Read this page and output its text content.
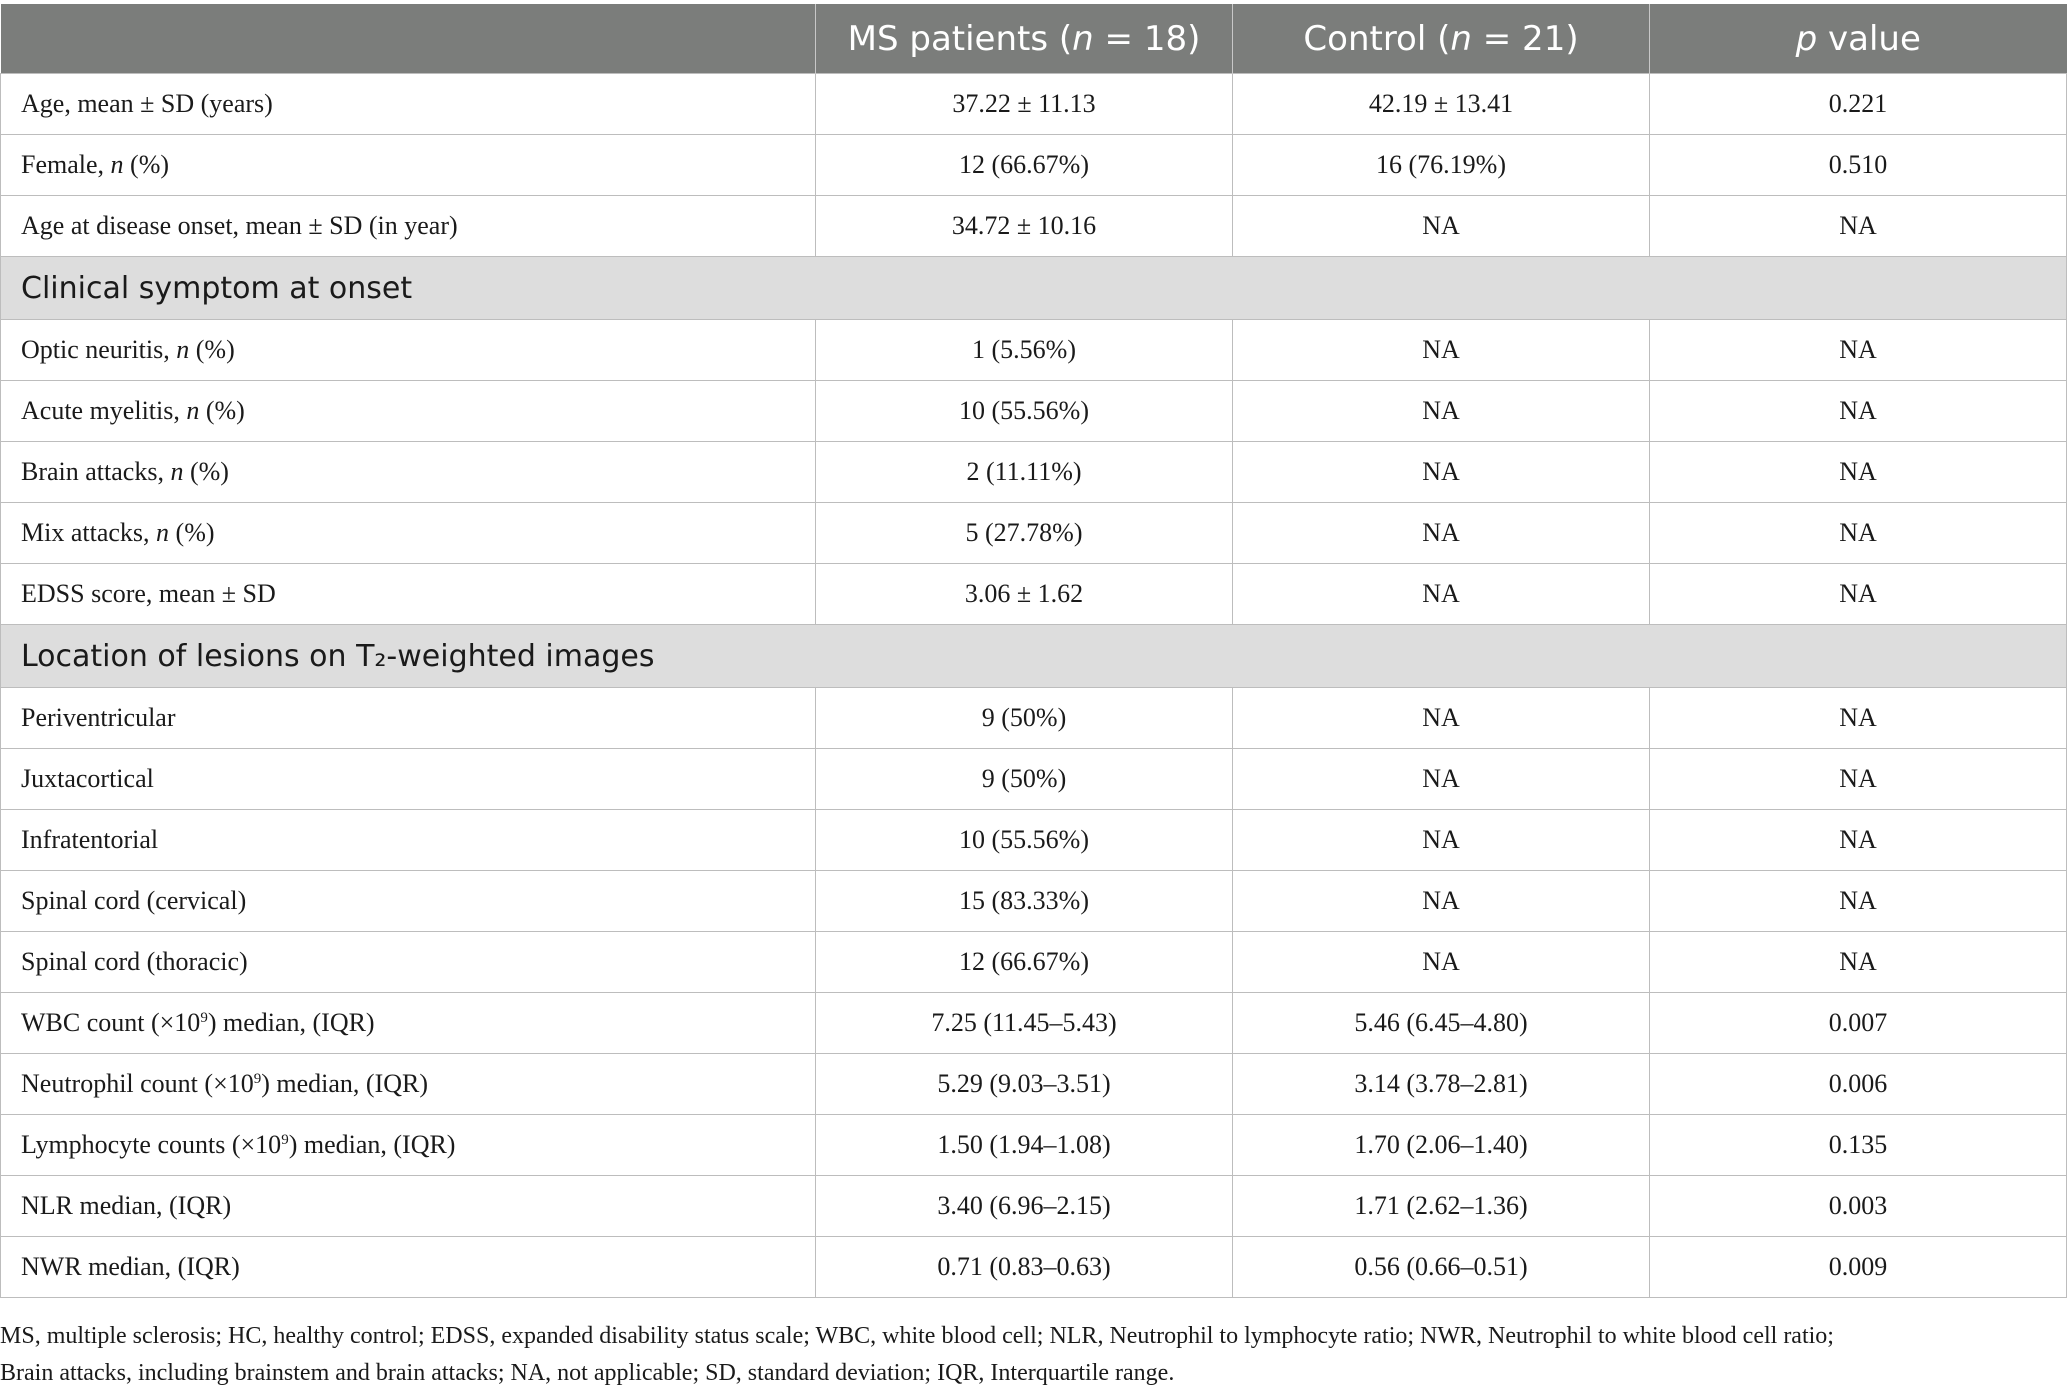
	MS patients (n = 18)	Control (n = 21)	p value
Age, mean ± SD (years)	37.22 ± 11.13	42.19 ± 13.41	0.221
Female, n (%)	12 (66.67%)	16 (76.19%)	0.510
Age at disease onset, mean ± SD (in year)	34.72 ± 10.16	NA	NA
Clinical symptom at onset			
Optic neuritis, n (%)	1 (5.56%)	NA	NA
Acute myelitis, n (%)	10 (55.56%)	NA	NA
Brain attacks, n (%)	2 (11.11%)	NA	NA
Mix attacks, n (%)	5 (27.78%)	NA	NA
EDSS score, mean ± SD	3.06 ± 1.62	NA	NA
Location of lesions on T₂-weighted images			
Periventricular	9 (50%)	NA	NA
Juxtacortical	9 (50%)	NA	NA
Infratentorial	10 (55.56%)	NA	NA
Spinal cord (cervical)	15 (83.33%)	NA	NA
Spinal cord (thoracic)	12 (66.67%)	NA	NA
WBC count $(\times 10^9)$ median, (IQR)	7.25 (11.45–5.43)	5.46 (6.45–4.80)	0.007
Neutrophil count $(\times 10^9)$ median, (IQR)	5.29 (9.03–3.51)	3.14 (3.78–2.81)	0.006
Lymphocyte counts $(\times 10^9)$ median, (IQR)	1.50 (1.94–1.08)	1.70 (2.06–1.40)	0.135
NLR median, (IQR)	3.40 (6.96–2.15)	1.71 (2.62–1.36)	0.003
NWR median, (IQR)	0.71 (0.83–0.63)	0.56 (0.66–0.51)	0.009
MS, multiple sclerosis; HC, healthy control; EDSS, expanded disability status scale; WBC, white blood cell; NLR, Neutrophil to lymphocyte ratio; NWR, Neutrophil to white blood cell ratio;
Brain attacks, including brainstem and brain attacks; NA, not applicable; SD, standard deviation; IQR, Interquartile range.
